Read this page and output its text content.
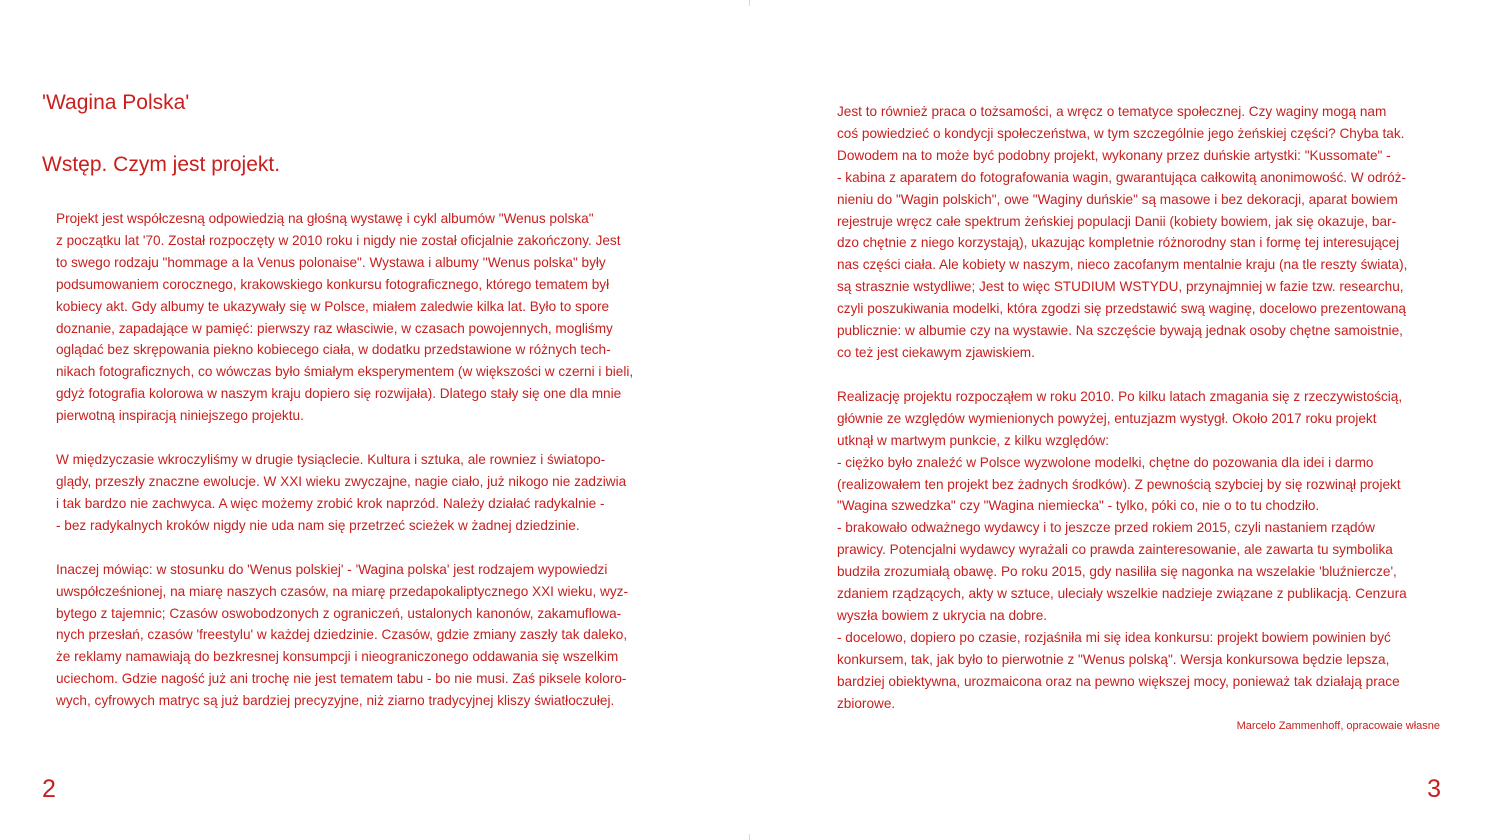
'Wagina Polska'
Wstęp. Czym jest projekt.

Projekt jest współczesną odpowiedzią na głośną wystawę i cykl albumów "Wenus polska"
z początku lat '70. Został rozpoczęty w 2010 roku i nigdy nie został oficjalnie zakończony. Jest
to swego rodzaju "hommage a la Venus polonaise". Wystawa i albumy ''Wenus polska" były
podsumowaniem corocznego, krakowskiego konkursu fotograficznego, którego tematem był
kobiecy akt. Gdy albumy te ukazywały się w Polsce, miałem zaledwie kilka lat. Było to spore
doznanie, zapadające w pamięć: pierwszy raz własciwie, w czasach powojennych, mogliśmy
oglądać bez skrępowania piekno kobiecego ciała, w dodatku przedstawione w różnych tech-
nikach fotograficznych, co wówczas było śmiałym eksperymentem (w większości w czerni i bieli,
gdyż fotografia kolorowa w naszym kraju dopiero się rozwijała). Dlatego stały się one dla mnie
pierwotną inspiracją niniejszego projektu.

W międzyczasie wkroczyliśmy w drugie tysiąclecie. Kultura i sztuka, ale rowniez i światopo-
glądy, przeszły znaczne ewolucje. W XXI wieku zwyczajne, nagie ciało, już nikogo nie zadziwia
i tak bardzo nie zachwyca. A więc możemy zrobić krok naprzód. Należy działać radykalnie -
- bez radykalnych kroków nigdy nie uda nam się przetrzeć scieżek w żadnej dziedzinie.

Inaczej mówiąc: w stosunku do 'Wenus polskiej' - 'Wagina polska' jest rodzajem wypowiedzi
uwspółcześnionej, na miarę naszych czasów, na miarę przedapokaliptycznego XXI wieku, wyz-
bytego z tajemnic; Czasów oswobodzonych z ograniczeń, ustalonych kanonów, zakamuflowa-
nych przesłań, czasów 'freestylu' w każdej dziedzinie. Czasów, gdzie zmiany zaszły tak daleko,
że reklamy namawiają do bezkresnej konsumpcji i nieograniczonego oddawania się wszelkim
uciechom. Gdzie nagość już ani trochę nie jest tematem tabu - bo nie musi. Zaś piksele koloro-
wych, cyfrowych matryc są już bardziej precyzyjne, niż ziarno tradycyjnej kliszy światłoczułej.

2

Jest to również praca o tożsamości, a wręcz o tematyce społecznej. Czy waginy mogą nam
coś powiedzieć o kondycji społeczeństwa, w tym szczególnie jego żeńskiej części? Chyba tak.
Dowodem na to może być podobny projekt, wykonany przez duńskie artystki: "Kussomate" -
- kabina z aparatem do fotografowania wagin, gwarantująca całkowitą anonimowość. W odróż-
nieniu do "Wagin polskich", owe "Waginy duńskie" są masowe i bez dekoracji, aparat bowiem
rejestruje wręcz całe spektrum żeńskiej populacji Danii (kobiety bowiem, jak się okazuje, bar-
dzo chętnie z niego korzystają), ukazując kompletnie różnorodny stan i formę tej interesującej
nas części ciała. Ale kobiety w naszym, nieco zacofanym mentalnie kraju (na tle reszty świata),
są strasznie wstydliwe; Jest to więc STUDIUM WSTYDU, przynajmniej w fazie tzw. researchu,
czyli poszukiwania modelki, która zgodzi się przedstawić swą waginę, docelowo prezentowaną
publicznie: w albumie czy na wystawie. Na szczęście bywają jednak osoby chętne samoistnie,
co też jest ciekawym zjawiskiem.

Realizację projektu rozpocząłem w roku 2010. Po kilku latach zmagania się z rzeczywistością,
głównie ze względów wymienionych powyżej, entuzjazm wystygł. Około 2017 roku projekt
utknął w martwym punkcie, z kilku względów:
- ciężko było znaleźć w Polsce wyzwolone modelki, chętne do pozowania dla idei i darmo
(realizowałem ten projekt bez żadnych środków). Z pewnością szybciej by się rozwinął projekt
"Wagina szwedzka" czy "Wagina niemiecka" - tylko, póki co, nie o to tu chodziło.
- brakowało odważnego wydawcy i to jeszcze przed rokiem 2015, czyli nastaniem rządów
prawicy. Potencjalni wydawcy wyrażali co prawda zainteresowanie, ale zawarta tu symbolika
budziła zrozumiałą obawę. Po roku 2015, gdy nasiliła się nagonka na wszelakie 'bluźniercze',
zdaniem rządzących, akty w sztuce, uleciały wszelkie nadzieje związane z publikacją. Cenzura
wyszła bowiem z ukrycia na dobre.
- docelowo, dopiero po czasie, rozjaśniła mi się idea konkursu: projekt bowiem powinien być
konkursem, tak, jak było to pierwotnie z "Wenus polską". Wersja konkursowa będzie lepsza,
bardziej obiektywna, urozmaicona oraz na pewno większej mocy, ponieważ tak działają prace
zbiorowe.

Marcelo Zammenhoff, opracowaie własne
3
